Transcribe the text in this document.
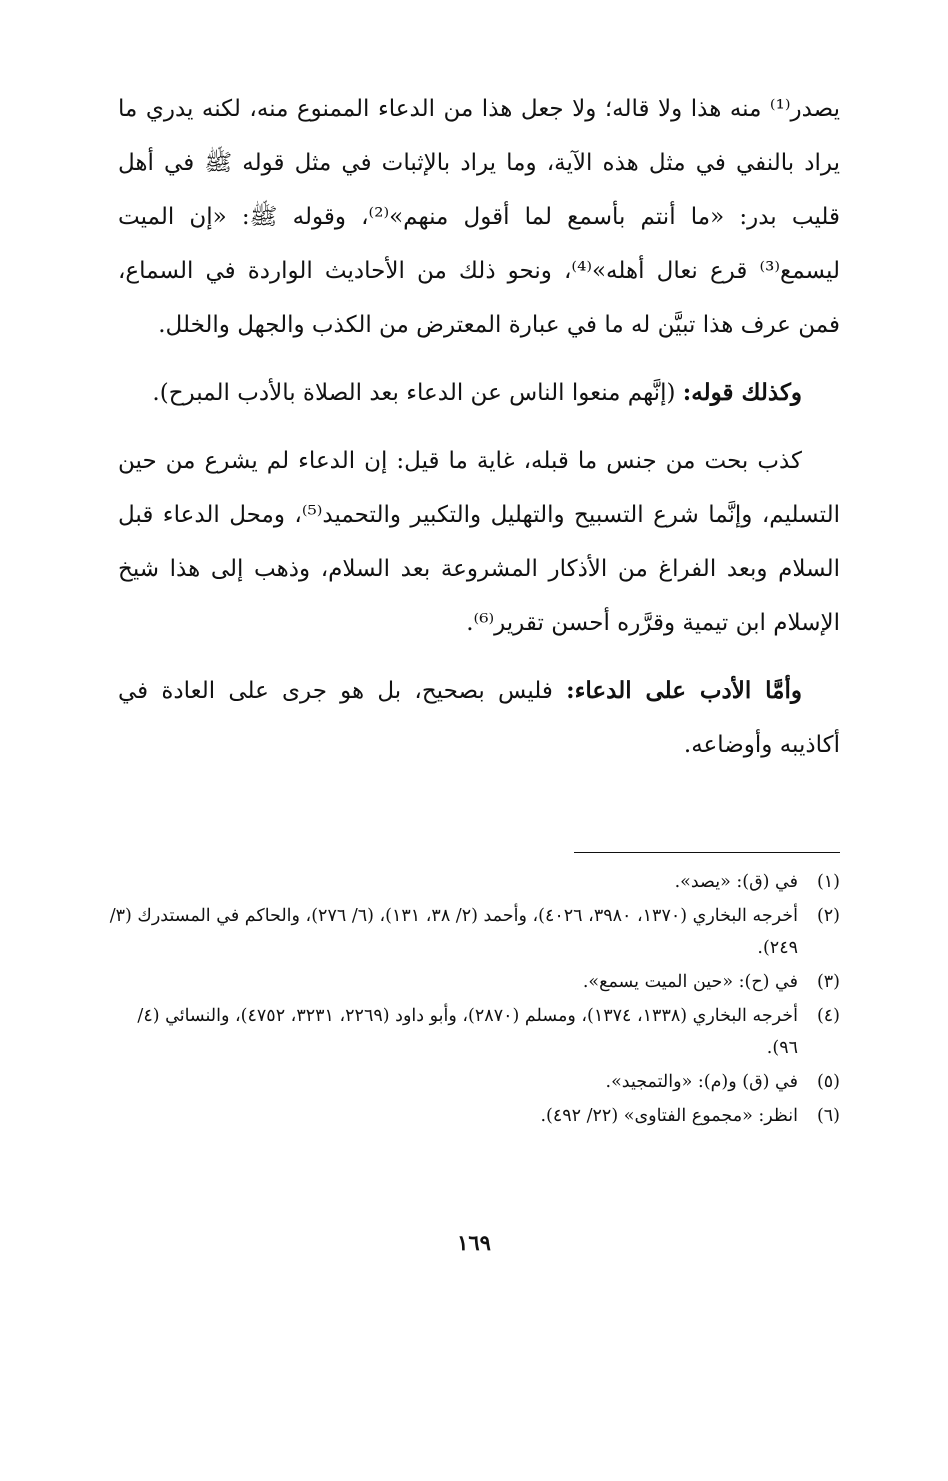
يصدر⁽¹⁾ منه هذا ولا قاله؛ ولا جعل هذا من الدعاء الممنوع منه، لكنه يدري ما يراد بالنفي في مثل هذه الآية، وما يراد بالإثبات في مثل قوله ﷺ في أهل قليب بدر: «ما أنتم بأسمع لما أقول منهم»⁽²⁾، وقوله ﷺ: «إن الميت ليسمع⁽³⁾ قرع نعال أهله»⁽⁴⁾، ونحو ذلك من الأحاديث الواردة في السماع، فمن عرف هذا تبيَّن له ما في عبارة المعترض من الكذب والجهل والخلل.

وكذلك قوله: (إنَّهم منعوا الناس عن الدعاء بعد الصلاة بالأدب المبرح).

كذب بحت من جنس ما قبله، غاية ما قيل: إن الدعاء لم يشرع من حين التسليم، وإنَّما شرع التسبيح والتهليل والتكبير والتحميد⁽⁵⁾، ومحل الدعاء قبل السلام وبعد الفراغ من الأذكار المشروعة بعد السلام، وذهب إلى هذا شيخ الإسلام ابن تيمية وقرَّره أحسن تقرير⁽⁶⁾.

وأمَّا الأدب على الدعاء: فليس بصحيح، بل هو جرى على العادة في أكاذيبه وأوضاعه.

(١)
في (ق): «يصد».
(٢)
أخرجه البخاري (١٣٧٠، ٣٩٨٠، ٤٠٢٦)، وأحمد (٢/ ٣٨، ١٣١)، (٦/ ٢٧٦)، والحاكم في المستدرك (٣/ ٢٤٩).
(٣)
في (ح): «حين الميت يسمع».
(٤)
أخرجه البخاري (١٣٣٨، ١٣٧٤)، ومسلم (٢٨٧٠)، وأبو داود (٢٢٦٩، ٣٢٣١، ٤٧٥٢)، والنسائي (٤/ ٩٦).
(٥)
في (ق) و(م): «والتمجيد».
(٦)
انظر: «مجموع الفتاوى» (٢٢/ ٤٩٢).
١٦٩
